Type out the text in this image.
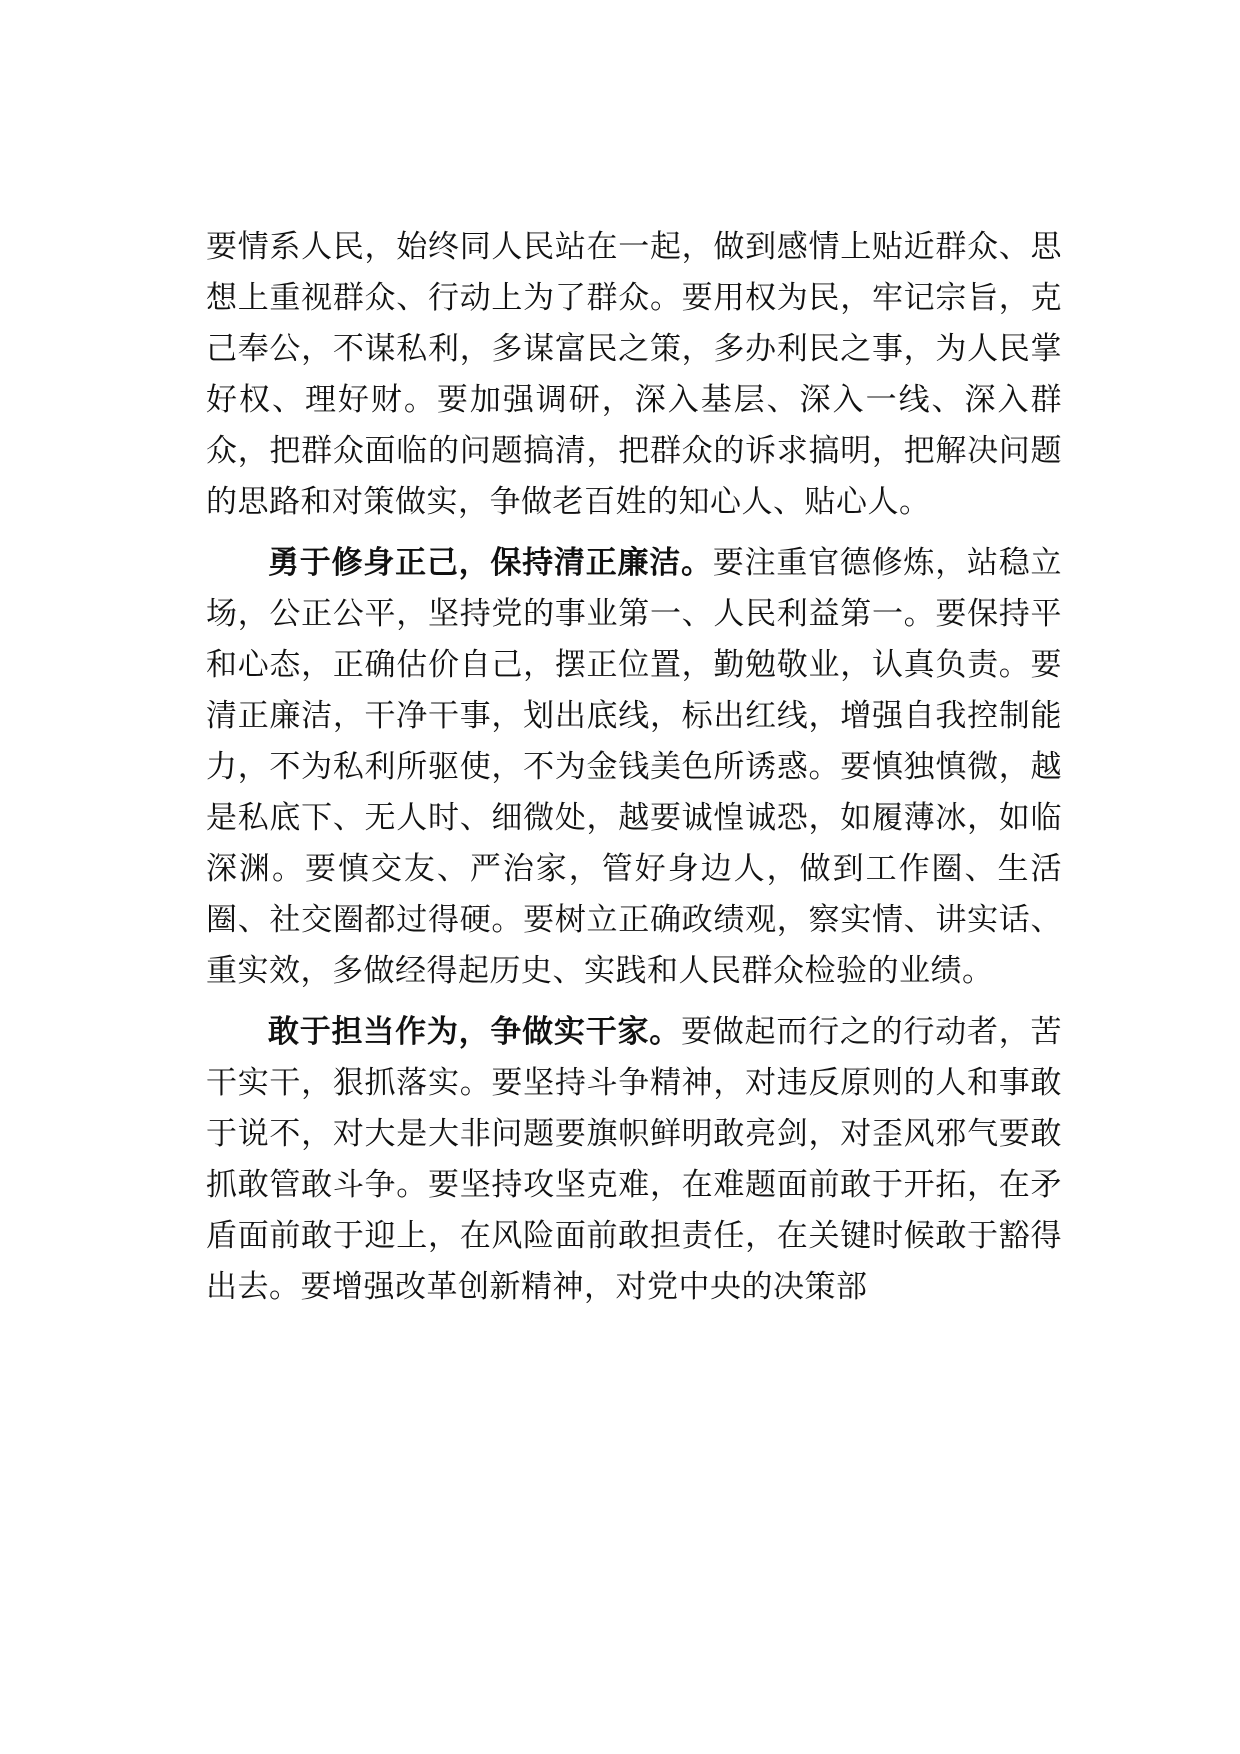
要情系人民，始终同人民站在一起，做到感情上贴近群众、思想上重视群众、行动上为了群众。要用权为民，牢记宗旨，克己奉公，不谋私利，多谋富民之策，多办利民之事，为人民掌好权、理好财。要加强调研，深入基层、深入一线、深入群众，把群众面临的问题搞清，把群众的诉求搞明，把解决问题的思路和对策做实，争做老百姓的知心人、贴心人。

勇于修身正己，保持清正廉洁。要注重官德修炼，站稳立场，公正公平，坚持党的事业第一、人民利益第一。要保持平和心态，正确估价自己，摆正位置，勤勉敬业，认真负责。要清正廉洁，干净干事，划出底线，标出红线，增强自我控制能力，不为私利所驱使，不为金钱美色所诱惑。要慎独慎微，越是私底下、无人时、细微处，越要诚惶诚恐，如履薄冰，如临深渊。要慎交友、严治家，管好身边人，做到工作圈、生活圈、社交圈都过得硬。要树立正确政绩观，察实情、讲实话、重实效，多做经得起历史、实践和人民群众检验的业绩。

敢于担当作为，争做实干家。要做起而行之的行动者，苦干实干，狠抓落实。要坚持斗争精神，对违反原则的人和事敢于说不，对大是大非问题要旗帜鲜明敢亮剑，对歪风邪气要敢抓敢管敢斗争。要坚持攻坚克难，在难题面前敢于开拓，在矛盾面前敢于迎上，在风险面前敢担责任，在关键时候敢于豁得出去。要增强改革创新精神，对党中央的决策部
